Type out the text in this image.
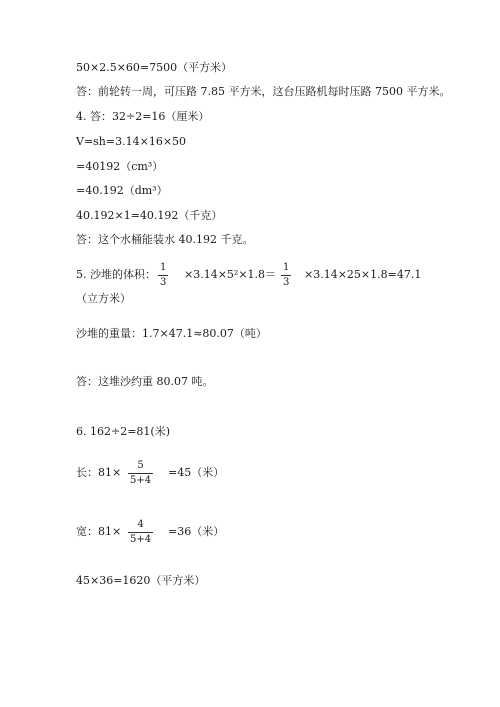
50×2.5×60=7500（平方米）
答：前轮转一周，可压路 7.85 平方米，这台压路机每时压路 7500 平方米。
4. 答：32÷2=16（厘米）
V=sh=3.14×16×50
=40192（cm³）
=40.192（dm³）
40.192×1=40.192（千克）
答：这个水桶能装水 40.192 千克。
5. 沙堆的体积：
1
3
×3.14×5²×1.8＝
1
3
×3.14×25×1.8=47.1
（立方米）
沙堆的重量：1.7×47.1≈80.07（吨）
答：这堆沙约重 80.07 吨。
6. 162÷2=81(米)
长：81×
5
5+4
=45（米）
宽：81×
4
5+4
=36（米）
45×36=1620（平方米）
